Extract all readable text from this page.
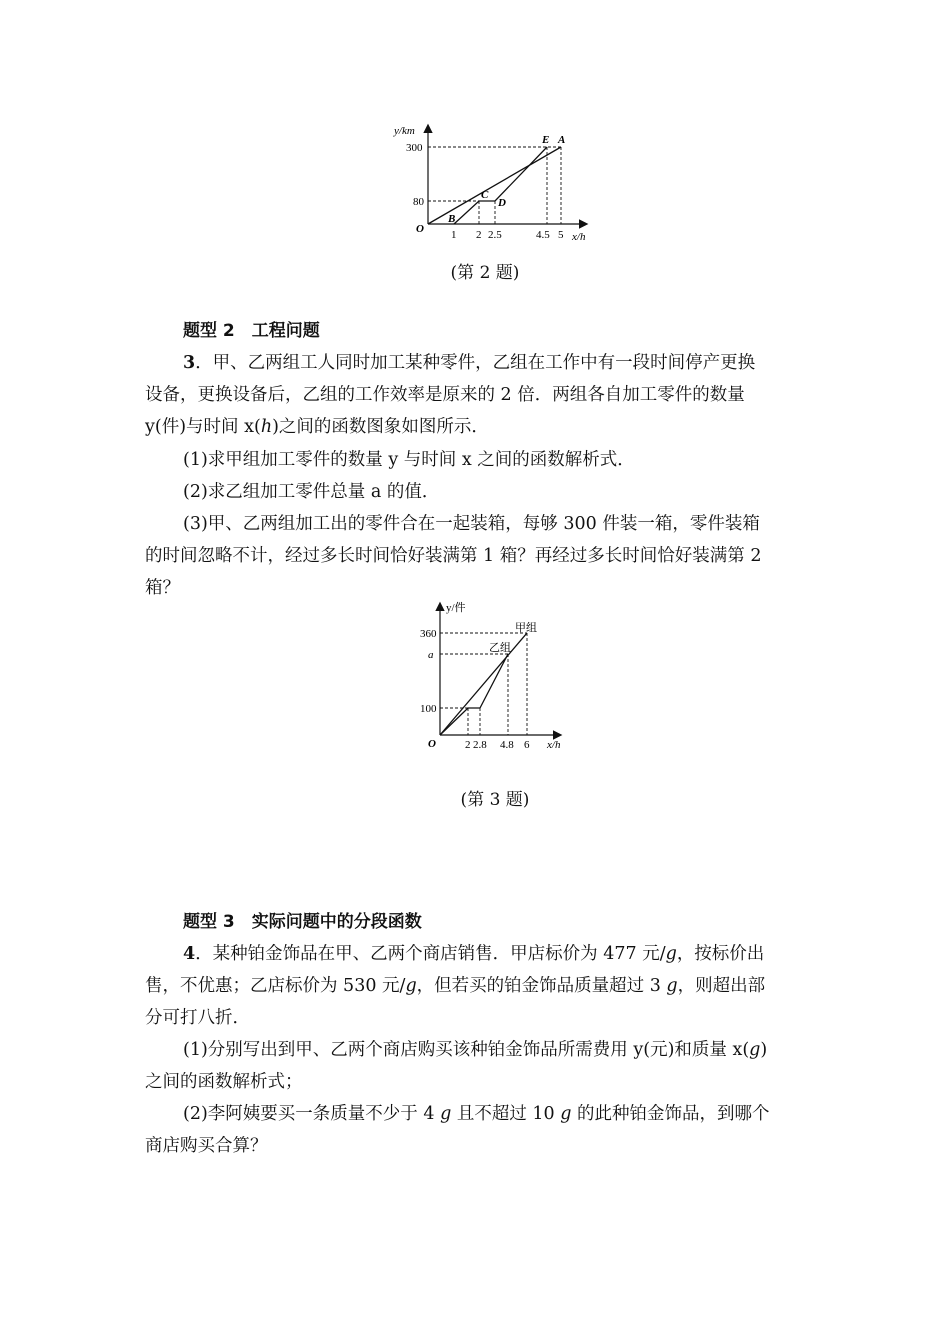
y/km
300
80
O 1 2 2.5	4.5 5 x/h
E A
C
D
B
(第 2 题)
题型 2　工程问题
3．甲、乙两组工人同时加工某种零件，乙组在工作中有一段时间停产更换
设备，更换设备后，乙组的工作效率是原来的 2 倍．两组各自加工零件的数量
y(件)与时间 x(h)之间的函数图象如图所示．
(1)求甲组加工零件的数量 y 与时间 x 之间的函数解析式．
(2)求乙组加工零件总量 a 的值．
(3)甲、乙两组加工出的零件合在一起装箱，每够 300 件装一箱，零件装箱
的时间忽略不计，经过多长时间恰好装满第 1 箱？再经过多长时间恰好装满第 2
箱？
y/件
360
a
100
O	2 2.8 4.8 6 x/h
甲组
乙组
(第 3 题)
题型 3　实际问题中的分段函数
4．某种铂金饰品在甲、乙两个商店销售．甲店标价为 477 元/g，按标价出
售，不优惠；乙店标价为 530 元/g，但若买的铂金饰品质量超过 3 g，则超出部
分可打八折．
(1)分别写出到甲、乙两个商店购买该种铂金饰品所需费用 y(元)和质量 x(g)
之间的函数解析式；
(2)李阿姨要买一条质量不少于 4 g 且不超过 10 g 的此种铂金饰品，到哪个
商店购买合算？
